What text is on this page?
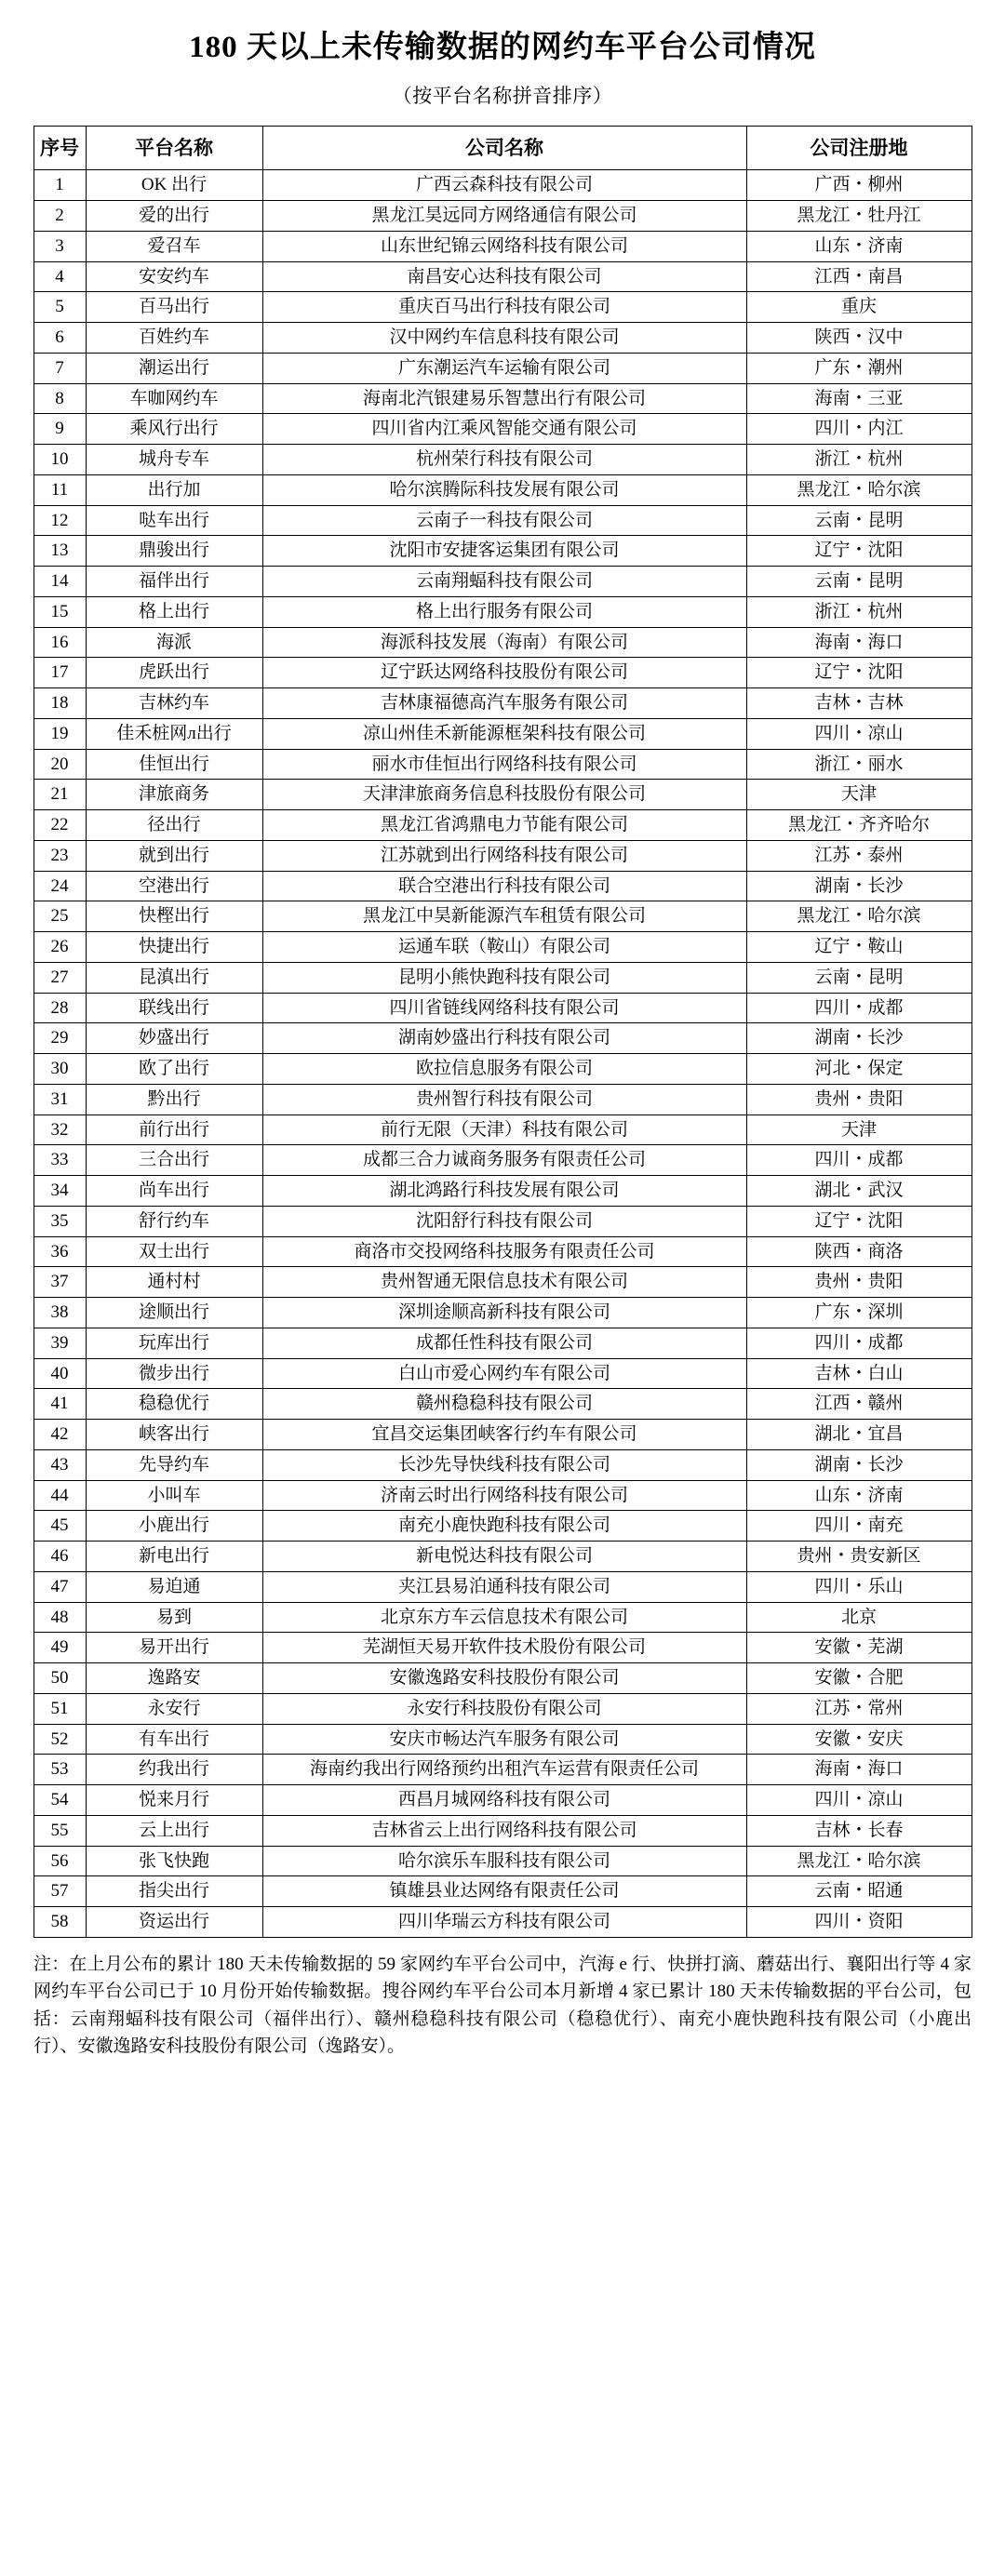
180 天以上未传输数据的网约车平台公司情况
（按平台名称拼音排序）
序号	平台名称	公司名称	公司注册地
1	OK 出行	广西云森科技有限公司	广西・柳州
2	爱的出行	黑龙江昊远同方网络通信有限公司	黑龙江・牡丹江
3	爱召车	山东世纪锦云网络科技有限公司	山东・济南
4	安安约车	南昌安心达科技有限公司	江西・南昌
5	百马出行	重庆百马出行科技有限公司	重庆
6	百姓约车	汉中网约车信息科技有限公司	陕西・汉中
7	潮运出行	广东潮运汽车运输有限公司	广东・潮州
8	车咖网约车	海南北汽银建易乐智慧出行有限公司	海南・三亚
9	乘风行出行	四川省内江乘风智能交通有限公司	四川・内江
10	城舟专车	杭州荣行科技有限公司	浙江・杭州
11	出行加	哈尔滨腾际科技发展有限公司	黑龙江・哈尔滨
12	哒车出行	云南子一科技有限公司	云南・昆明
13	鼎骏出行	沈阳市安捷客运集团有限公司	辽宁・沈阳
14	福伴出行	云南翔蝠科技有限公司	云南・昆明
15	格上出行	格上出行服务有限公司	浙江・杭州
16	海派	海派科技发展（海南）有限公司	海南・海口
17	虎跃出行	辽宁跃达网络科技股份有限公司	辽宁・沈阳
18	吉林约车	吉林康福德高汽车服务有限公司	吉林・吉林
19	佳禾桩网л出行	凉山州佳禾新能源框架科技有限公司	四川・凉山
20	佳恒出行	丽水市佳恒出行网络科技有限公司	浙江・丽水
21	津旅商务	天津津旅商务信息科技股份有限公司	天津
22	径出行	黑龙江省鸿鼎电力节能有限公司	黑龙江・齐齐哈尔
23	就到出行	江苏就到出行网络科技有限公司	江苏・泰州
24	空港出行	联合空港出行科技有限公司	湖南・长沙
25	快樫出行	黑龙江中昊新能源汽车租赁有限公司	黑龙江・哈尔滨
26	快捷出行	运通车联（鞍山）有限公司	辽宁・鞍山
27	昆滇出行	昆明小熊快跑科技有限公司	云南・昆明
28	联线出行	四川省链线网络科技有限公司	四川・成都
29	妙盛出行	湖南妙盛出行科技有限公司	湖南・长沙
30	欧了出行	欧拉信息服务有限公司	河北・保定
31	黔出行	贵州智行科技有限公司	贵州・贵阳
32	前行出行	前行无限（天津）科技有限公司	天津
33	三合出行	成都三合力诚商务服务有限责任公司	四川・成都
34	尚车出行	湖北鸿路行科技发展有限公司	湖北・武汉
35	舒行约车	沈阳舒行科技有限公司	辽宁・沈阳
36	双士出行	商洛市交投网络科技服务有限责任公司	陕西・商洛
37	通村村	贵州智通无限信息技术有限公司	贵州・贵阳
38	途顺出行	深圳途顺高新科技有限公司	广东・深圳
39	玩库出行	成都任性科技有限公司	四川・成都
40	微步出行	白山市爱心网约车有限公司	吉林・白山
41	稳稳优行	赣州稳稳科技有限公司	江西・赣州
42	峡客出行	宜昌交运集团峡客行约车有限公司	湖北・宜昌
43	先导约车	长沙先导快线科技有限公司	湖南・长沙
44	小叫车	济南云时出行网络科技有限公司	山东・济南
45	小鹿出行	南充小鹿快跑科技有限公司	四川・南充
46	新电出行	新电悦达科技有限公司	贵州・贵安新区
47	易迫通	夹江县易泊通科技有限公司	四川・乐山
48	易到	北京东方车云信息技术有限公司	北京
49	易开出行	芜湖恒天易开软件技术股份有限公司	安徽・芜湖
50	逸路安	安徽逸路安科技股份有限公司	安徽・合肥
51	永安行	永安行科技股份有限公司	江苏・常州
52	有车出行	安庆市畅达汽车服务有限公司	安徽・安庆
53	约我出行	海南约我出行网络预约出租汽车运营有限责任公司	海南・海口
54	悦来月行	西昌月城网络科技有限公司	四川・凉山
55	云上出行	吉林省云上出行网络科技有限公司	吉林・长春
56	张飞快跑	哈尔滨乐车服科技有限公司	黑龙江・哈尔滨
57	指尖出行	镇雄县业达网络有限责任公司	云南・昭通
58	资运出行	四川华瑞云方科技有限公司	四川・资阳

注：在上月公布的累计 180 天未传输数据的 59 家网约车平台公司中，汽海 e 行、快拼打滴、蘑菇出行、襄阳出行等 4 家网约车平台公司已于 10 月份开始传输数据。搜谷网约车平台公司本月新增 4 家已累计 180 天未传输数据的平台公司，包括：云南翔蝠科技有限公司（福伴出行）、赣州稳稳科技有限公司（稳稳优行）、南充小鹿快跑科技有限公司（小鹿出行）、安徽逸路安科技股份有限公司（逸路安）。
